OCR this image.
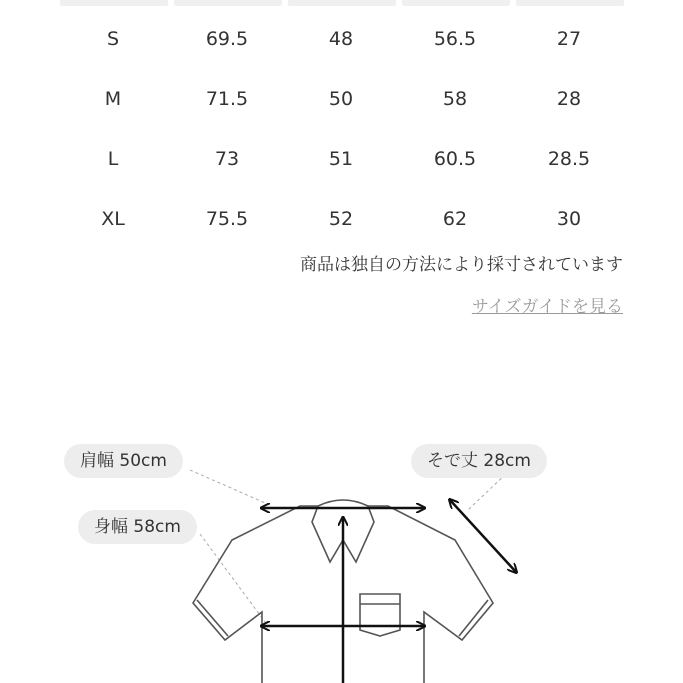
S	69.5	48	56.5	27
M	71.5	50	58	28
L	73	51	60.5	28.5
XL	75.5	52	62	30
商品は独自の方法により採寸されています
サイズガイドを見る
肩幅 50cm
身幅 58cm
そで丈 28cm
